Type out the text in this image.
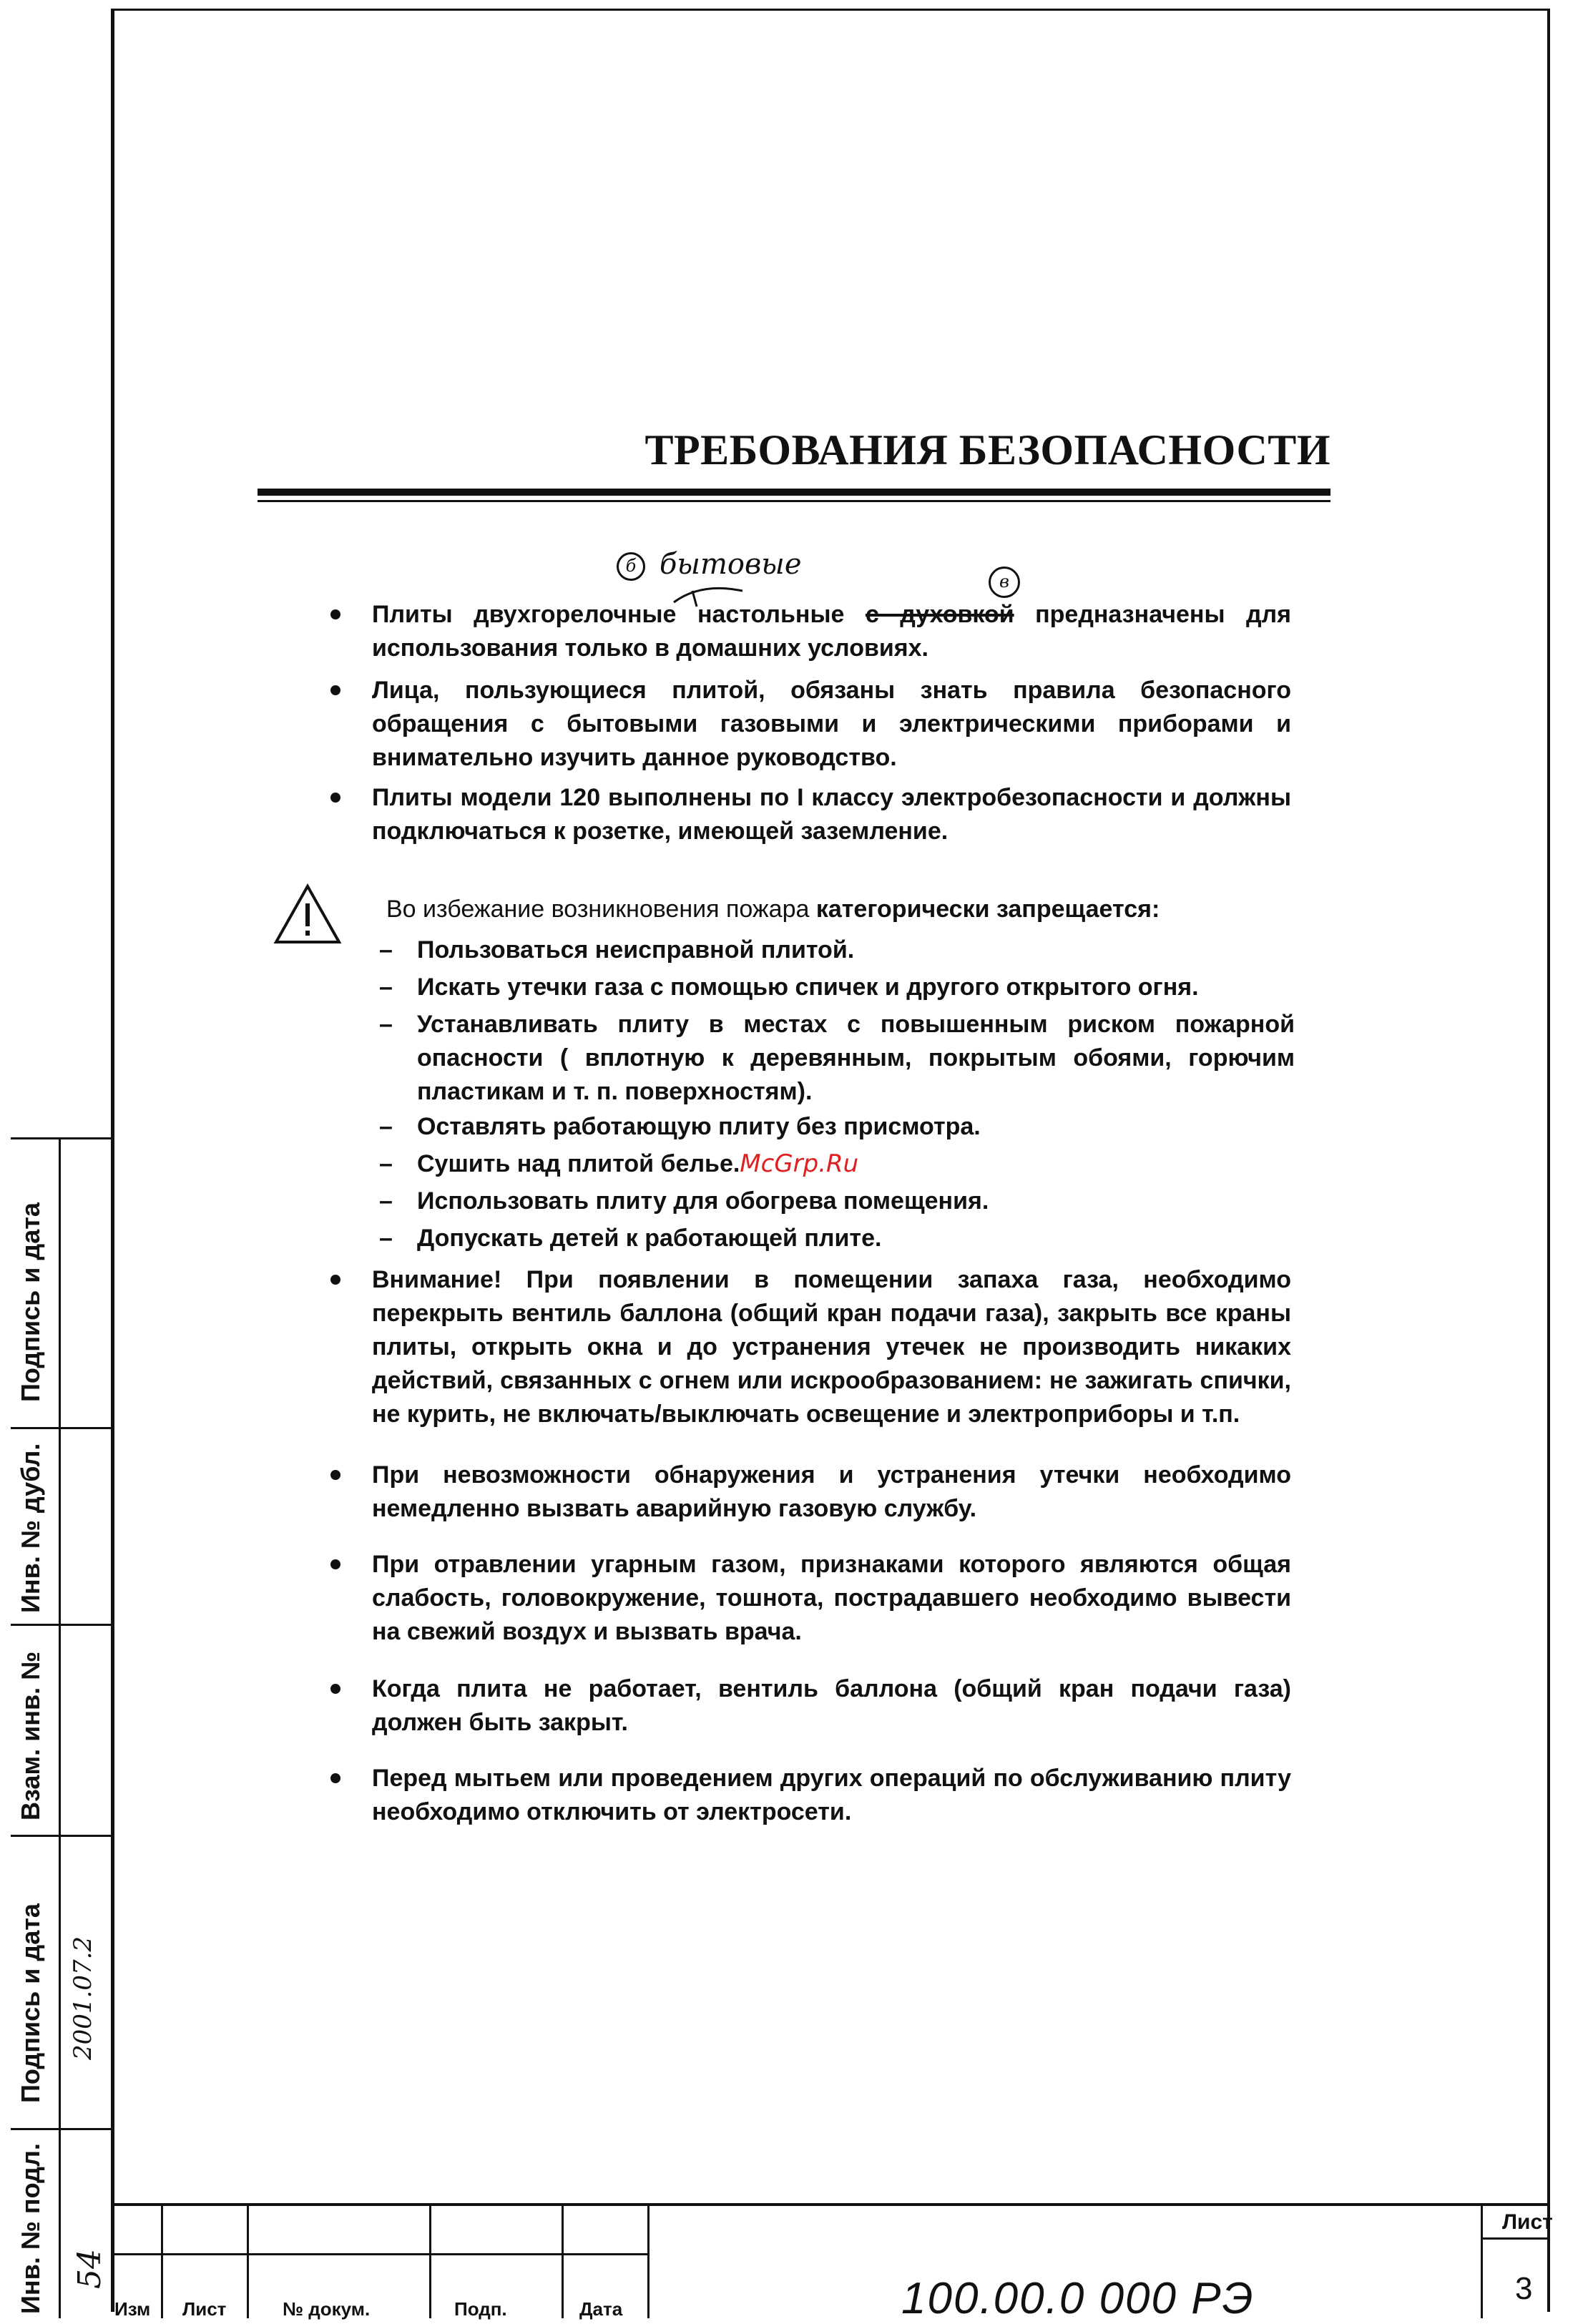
ТРЕБОВАНИЯ БЕЗОПАСНОСТИ
б бытовые
в
Плиты двухгорелочные настольные с духовкой предназначены для использования только в домашних условиях.
Лица, пользующиеся плитой, обязаны знать правила безопасного обращения с бытовыми газовыми и электрическими приборами и внимательно изучить данное руководство.
Плиты модели 120 выполнены по I классу электробезопасности и должны подключаться к розетке, имеющей заземление.
Во избежание возникновения пожара категорически запрещается:
– Пользоваться неисправной плитой.
– Искать утечки газа с помощью спичек и другого открытого огня.
– Устанавливать плиту в местах с повышенным риском пожарной опасности ( вплотную к деревянным, покрытым обоями, горючим пластикам и т. п. поверхностям).
– Оставлять работающую плиту без присмотра.
– Сушить над плитой белье.McGrp.Ru
– Использовать плиту для обогрева помещения.
– Допускать детей к работающей плите.
Внимание! При появлении в помещении запаха газа, необходимо перекрыть вентиль баллона (общий кран подачи газа), закрыть все краны плиты, открыть окна и до устранения утечек не производить никаких действий, связанных с огнем или искрообразованием: не зажигать спички, не курить, не включать/выключать освещение и электроприборы и т.п.
При невозможности обнаружения и устранения утечки необходимо немедленно вызвать аварийную газовую службу.
При отравлении угарным газом, признаками которого являются общая слабость, головокружение, тошнота, пострадавшего необходимо вывести на свежий воздух и вызвать врача.
Когда плита не работает, вентиль баллона (общий кран подачи газа) должен быть закрыт.
Перед мытьем или проведением других операций по обслуживанию плиту необходимо отключить от электросети.
Подпись и дата
Инв. № дубл.
Взам. инв. №
Подпись и дата
Инв. № подл.
2001.07.2
54
Изм Лист	№ докум.	Подп.	Дата	100.00.0 000 РЭ
Лист
3
